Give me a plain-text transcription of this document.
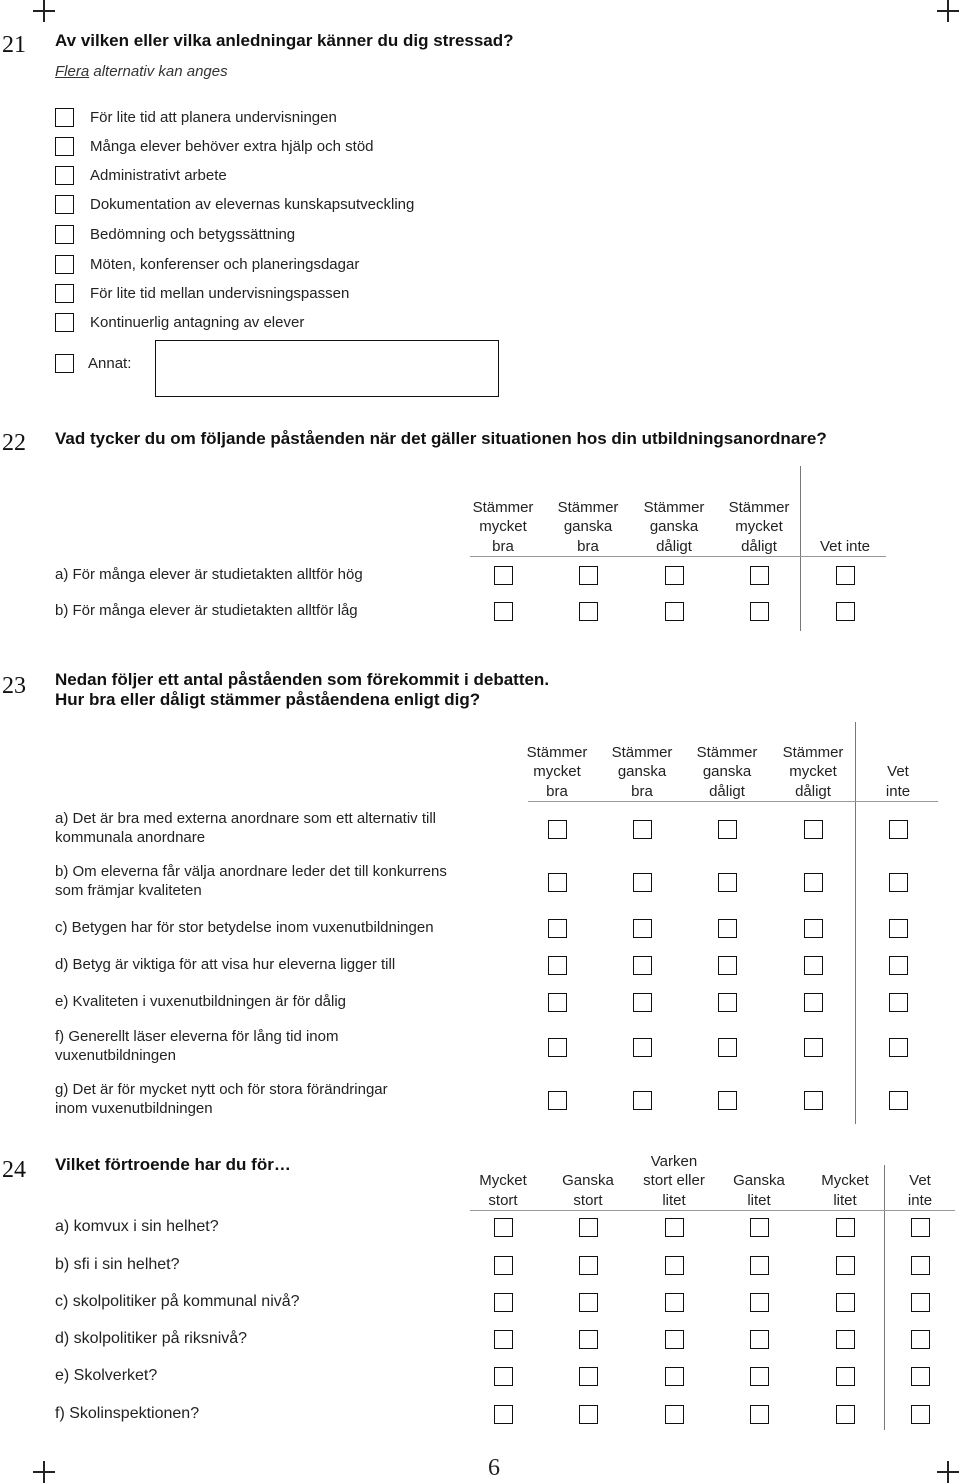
21 Av vilken eller vilka anledningar känner du dig stressad?
Flera alternativ kan anges
För lite tid att planera undervisningen
Många elever behöver extra hjälp och stöd
Administrativt arbete
Dokumentation av elevernas kunskapsutveckling
Bedömning och betygssättning
Möten, konferenser och planeringsdagar
För lite tid mellan undervisningspassen
Kontinuerlig antagning av elever
Annat:
22 Vad tycker du om följande påståenden när det gäller situationen hos din utbildningsanordnare?
Stämmer
mycket
bra
Stämmer
ganska
bra
Stämmer
ganska
dåligt
Stämmer
mycket
dåligt	Vet inte
a) För många elever är studietakten alltför hög
b) För många elever är studietakten alltför låg
23 Nedan följer ett antal påståenden som förekommit i debatten.
Hur bra eller dåligt stämmer påståendena enligt dig?
Stämmer
mycket
bra
Stämmer
ganska
bra
Stämmer
ganska
dåligt
Stämmer
mycket
dåligt
Vet
inte
a) Det är bra med externa anordnare som ett alternativ till
kommunala anordnare
b) Om eleverna får välja anordnare leder det till konkurrens
som främjar kvaliteten
c) Betygen har för stor betydelse inom vuxenutbildningen
d) Betyg är viktiga för att visa hur eleverna ligger till
e) Kvaliteten i vuxenutbildningen är för dålig
f) Generellt läser eleverna för lång tid inom
vuxenutbildningen
g) Det är för mycket nytt och för stora förändringar
inom vuxenutbildningen
24 Vilket förtroende har du för…
Mycket
stort
Ganska
stort
Varken
stort eller
litet
Ganska
litet
Mycket
litet
Vet
inte
a) komvux i sin helhet?
b) sfi i sin helhet?
c) skolpolitiker på kommunal nivå?
d) skolpolitiker på riksnivå?
e) Skolverket?
f) Skolinspektionen?
6
